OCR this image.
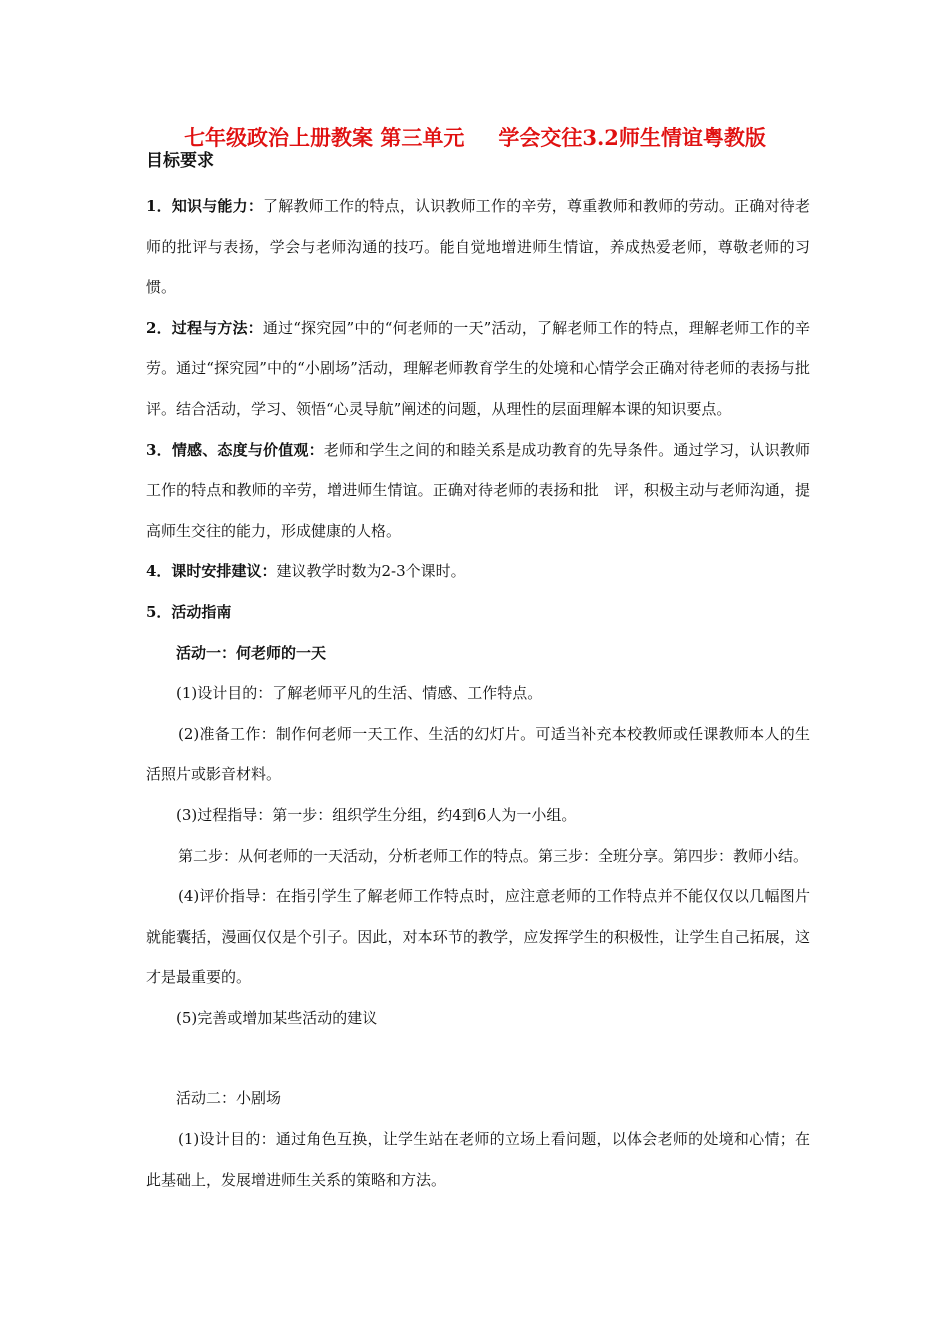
七年级政治上册教案 第三单元 学会交往3.2师生情谊粤教版
目标要求

1．知识与能力：了解教师工作的特点，认识教师工作的辛劳，尊重教师和教师的劳动。正确对待老师的批评与表扬，学会与老师沟通的技巧。能自觉地增进师生情谊，养成热爱老师，尊敬老师的习惯。

2．过程与方法：通过“探究园”中的“何老师的一天”活动，了解老师工作的特点，理解老师工作的辛劳。通过“探究园”中的“小剧场”活动，理解老师教育学生的处境和心情学会正确对待老师的表扬与批评。结合活动，学习、领悟“心灵导航”阐述的问题，从理性的层面理解本课的知识要点。

3．情感、态度与价值观：老师和学生之间的和睦关系是成功教育的先导条件。通过学习，认识教师工作的特点和教师的辛劳，增进师生情谊。正确对待老师的表扬和批　评，积极主动与老师沟通，提高师生交往的能力，形成健康的人格。

4．课时安排建议：建议教学时数为2-3个课时。

5．活动指南

活动一：何老师的一天

(1)设计目的：了解老师平凡的生活、情感、工作特点。

(2)准备工作：制作何老师一天工作、生活的幻灯片。可适当补充本校教师或任课教师本人的生活照片或影音材料。

(3)过程指导：第一步：组织学生分组，约4到6人为一小组。

第二步：从何老师的一天活动，分析老师工作的特点。第三步：全班分享。第四步：教师小结。

(4)评价指导：在指引学生了解老师工作特点时，应注意老师的工作特点并不能仅仅以几幅图片就能囊括，漫画仅仅是个引子。因此，对本环节的教学，应发挥学生的积极性，让学生自己拓展，这才是最重要的。

(5)完善或增加某些活动的建议

活动二：小剧场

(1)设计目的：通过角色互换，让学生站在老师的立场上看问题，以体会老师的处境和心情；在此基础上，发展增进师生关系的策略和方法。
